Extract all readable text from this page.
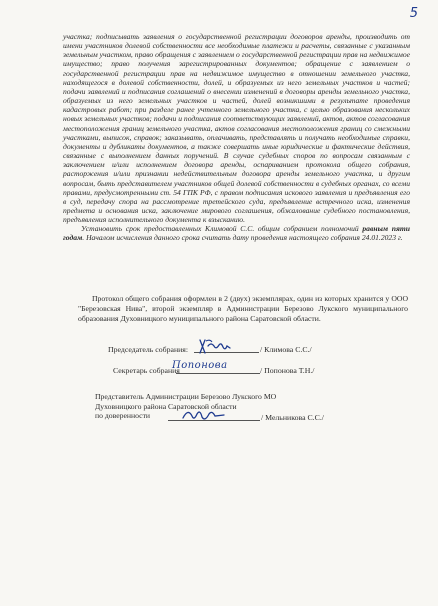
5

участка; подписывать заявления о государственной регистрации договоров аренды, производить от имени участников долевой собственности все необходимые платежи и расчеты, связанные с указанным земельным участком, право обращения с заявлением о государственной регистрации прав на недвижимое имущество; право получения зарегистрированных документов; обращение с заявлением о государственной регистрации прав на недвижимое имущество в отношении земельного участка, находящегося в долевой собственности, долей, и образуемых из него земельных участков и частей; подачи заявлений и подписания соглашений о внесении изменений в договоры аренды земельного участка, образуемых из него земельных участков и частей, долей возникшими в результате проведения кадастровых работ; при разделе ранее учтенного земельного участка, с целью образования нескольких новых земельных участков; подачи и подписания соответствующих заявлений, актов, актов согласования местоположения границ земельного участка, актов согласования местоположения границ со смежными участками, выписок, справок; заказывать, оплачивать, представлять и получать необходимые справки, документы и дубликаты документов, а также совершать иные юридические и фактические действия, связанные с выполнением данных поручений. В случае судебных споров по вопросам связанным с заключением и/или исполнением договора аренды, оспариванием протокола общего собрания, расторжения и/или признании недействительным договора аренды земельного участка, и другим вопросам, быть представителем участников общей долевой собственности в судебных органах, со всеми правами, предусмотренными ст. 54 ГПК РФ, с правом подписания искового заявления и предъявления его в суд, передачу спора на рассмотрение третейского суда, предъявление встречного иска, изменения предмета и основания иска, заключение мирового соглашения, обжалование судебного постановления, предъявления исполнительного документа к взысканию.

Установить срок предоставленных Климовой С.С. общим собранием полномочий равным пяти годам. Началом исчисления данного срока считать дату проведения настоящего собрания 24.01.2023 г.

Протокол общего собрания оформлен в 2 (двух) экземплярах, один из которых хранится у ООО "Березовская Нива", второй экземпляр в Администрации Березово Лукского муниципального образования Духовницкого муниципального района Саратовской области.
Председатель собрания:	/ Климова С.С./
Секретарь собрания
Попонова	/ Попонова Т.Н./
Представитель Администрации Березово Лукского МО
Духовницкого района Саратовской области
по доверенности	/ Мельникова С.С./
